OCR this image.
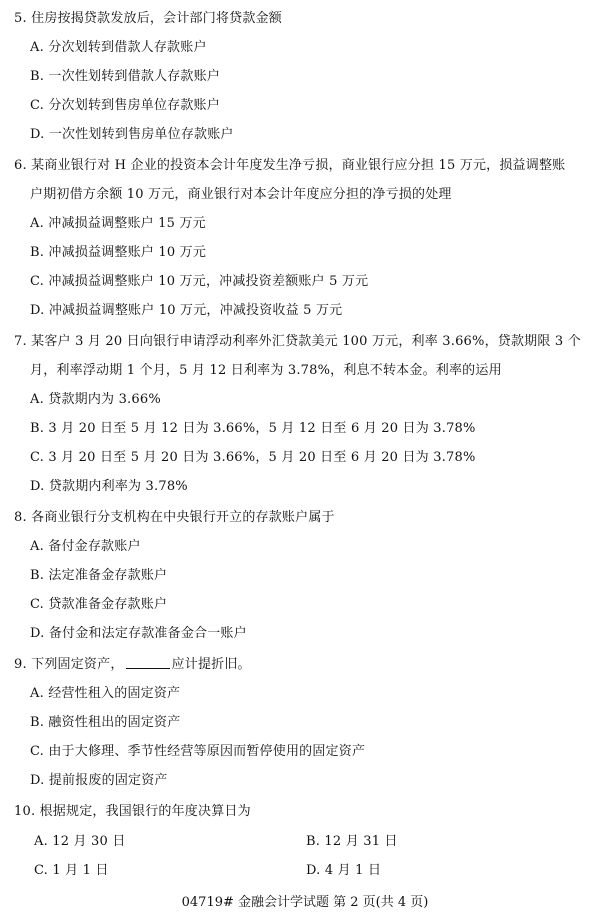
5. 住房按揭贷款发放后，会计部门将贷款金额
A. 分次划转到借款人存款账户
B. 一次性划转到借款人存款账户
C. 分次划转到售房单位存款账户
D. 一次性划转到售房单位存款账户
6. 某商业银行对 H 企业的投资本会计年度发生净亏损，商业银行应分担 15 万元，损益调整账
户期初借方余额 10 万元，商业银行对本会计年度应分担的净亏损的处理
A. 冲减损益调整账户 15 万元
B. 冲减损益调整账户 10 万元
C. 冲减损益调整账户 10 万元，冲减投资差额账户 5 万元
D. 冲减损益调整账户 10 万元，冲减投资收益 5 万元
7. 某客户 3 月 20 日向银行申请浮动利率外汇贷款美元 100 万元，利率 3.66%，贷款期限 3 个
月，利率浮动期 1 个月，5 月 12 日利率为 3.78%，利息不转本金。利率的运用
A. 贷款期内为 3.66%
B. 3 月 20 日至 5 月 12 日为 3.66%，5 月 12 日至 6 月 20 日为 3.78%
C. 3 月 20 日至 5 月 20 日为 3.66%，5 月 20 日至 6 月 20 日为 3.78%
D. 贷款期内利率为 3.78%
8. 各商业银行分支机构在中央银行开立的存款账户属于
A. 备付金存款账户
B. 法定准备金存款账户
C. 贷款准备金存款账户
D. 备付金和法定存款准备金合一账户
9. 下列固定资产，	应计提折旧。
A. 经营性租入的固定资产
B. 融资性租出的固定资产
C. 由于大修理、季节性经营等原因而暂停使用的固定资产
D. 提前报废的固定资产
10. 根据规定，我国银行的年度决算日为
A. 12 月 30 日	B. 12 月 31 日
C. 1 月 1 日	D. 4 月 1 日
04719# 金融会计学试题 第 2 页(共 4 页)
